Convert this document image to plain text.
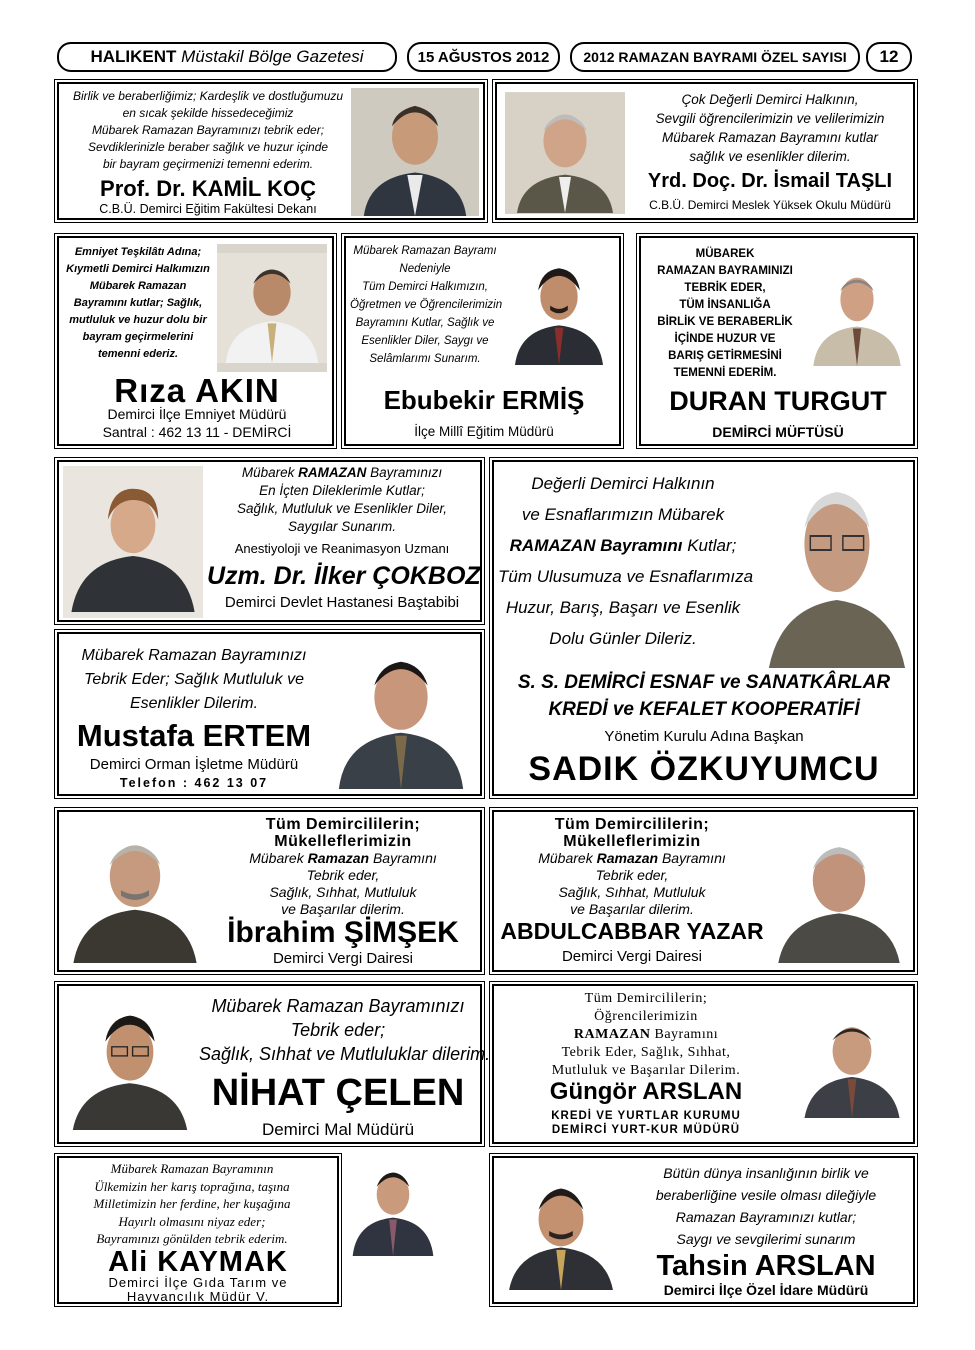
HALIKENT
Müstakil Bölge Gazetesi	15 AĞUSTOS 2012 2012 RAMAZAN BAYRAMI ÖZEL SAYISI 12
Birlik ve beraberliğimiz; Kardeşlik ve dostluğumuzu
en sıcak şekilde hissedeceğimiz
Mübarek Ramazan Bayramınızı tebrik eder;
Sevdiklerinizle beraber sağlık ve huzur içinde
bir bayram geçirmenizi temenni ederim.
Prof. Dr. KAMİL KOÇ
C.B.Ü. Demirci Eğitim Fakültesi Dekanı
Çok Değerli Demirci Halkının,
Sevgili öğrencilerimizin ve velilerimizin
Mübarek Ramazan Bayramını kutlar
sağlık ve esenlikler dilerim.
Yrd. Doç. Dr. İsmail TAŞLI
C.B.Ü. Demirci Meslek Yüksek Okulu Müdürü
Emniyet Teşkilâtı Adına;
Kıymetli Demirci Halkımızın
Mübarek Ramazan
Bayramını kutlar; Sağlık,
mutluluk ve huzur dolu bir
bayram geçirmelerini
temenni ederiz.
Rıza AKIN
Demirci İlçe Emniyet Müdürü
Santral : 462 13 11 - DEMİRCİ
Mübarek Ramazan Bayramı
Nedeniyle
Tüm Demirci Halkımızın,
Öğretmen ve Öğrencilerimizin
Bayramını Kutlar, Sağlık ve
Esenlikler Diler, Saygı ve
Selâmlarımı Sunarım.
Ebubekir ERMİŞ
İlçe Millî Eğitim Müdürü
MÜBAREK
RAMAZAN BAYRAMINIZI
TEBRİK EDER,
TÜM İNSANLIĞA
BİRLİK VE BERABERLİK
İÇİNDE HUZUR VE
BARIŞ GETİRMESİNİ
TEMENNİ EDERİM.
DURAN TURGUT
DEMİRCİ MÜFTÜSÜ
Mübarek RAMAZAN Bayramınızı
En İçten Dileklerimle Kutlar;
Sağlık, Mutluluk ve Esenlikler Diler,
Saygılar Sunarım.
Anestiyoloji ve Reanimasyon Uzmanı
Uzm. Dr. İlker ÇOKBOZ
Demirci Devlet Hastanesi Baştabibi
Mübarek Ramazan Bayramınızı
Tebrik Eder; Sağlık Mutluluk ve
Esenlikler Dilerim.
Mustafa ERTEM
Demirci Orman İşletme Müdürü
Telefon : 462 13 07
Değerli Demirci Halkının
ve Esnaflarımızın Mübarek
RAMAZAN Bayramını Kutlar;
Tüm Ulusumuza ve Esnaflarımıza
Huzur, Barış, Başarı ve Esenlik
Dolu Günler Dileriz.
S. S. DEMİRCİ ESNAF ve SANATKÂRLAR
KREDİ ve KEFALET KOOPERATİFİ
Yönetim Kurulu Adına Başkan
SADIK ÖZKUYUMCU
Tüm Demircililerin;
Mükelleflerimizin
Mübarek Ramazan Bayramını
Tebrik eder,
Sağlık, Sıhhat, Mutluluk
ve Başarılar dilerim.
İbrahim ŞİMŞEK
Demirci Vergi Dairesi
Tüm Demircililerin;
Mükelleflerimizin
Mübarek Ramazan Bayramını
Tebrik eder,
Sağlık, Sıhhat, Mutluluk
ve Başarılar dilerim.
ABDULCABBAR YAZAR
Demirci Vergi Dairesi
Mübarek Ramazan Bayramınızı
Tebrik eder;
Sağlık, Sıhhat ve Mutluluklar dilerim.
NİHAT ÇELEN
Demirci Mal Müdürü
Tüm Demircililerin;
Öğrencilerimizin
RAMAZAN Bayramını
Tebrik Eder, Sağlık, Sıhhat,
Mutluluk ve Başarılar Dilerim.
Güngör ARSLAN
KREDİ VE YURTLAR KURUMU
DEMİRCİ YURT-KUR MÜDÜRÜ
Mübarek Ramazan Bayramının
Ülkemizin her karış toprağına, taşına
Milletimizin her ferdine, her kuşağına
Hayırlı olmasını niyaz eder;
Bayramınızı gönülden tebrik ederim.
Ali KAYMAK
Demirci İlçe Gıda Tarım ve
Hayvancılık Müdür V.
Bütün dünya insanlığının birlik ve
beraberliğine vesile olması dileğiyle
Ramazan Bayramınızı kutlar;
Saygı ve sevgilerimi sunarım
Tahsin ARSLAN
Demirci İlçe Özel İdare Müdürü
